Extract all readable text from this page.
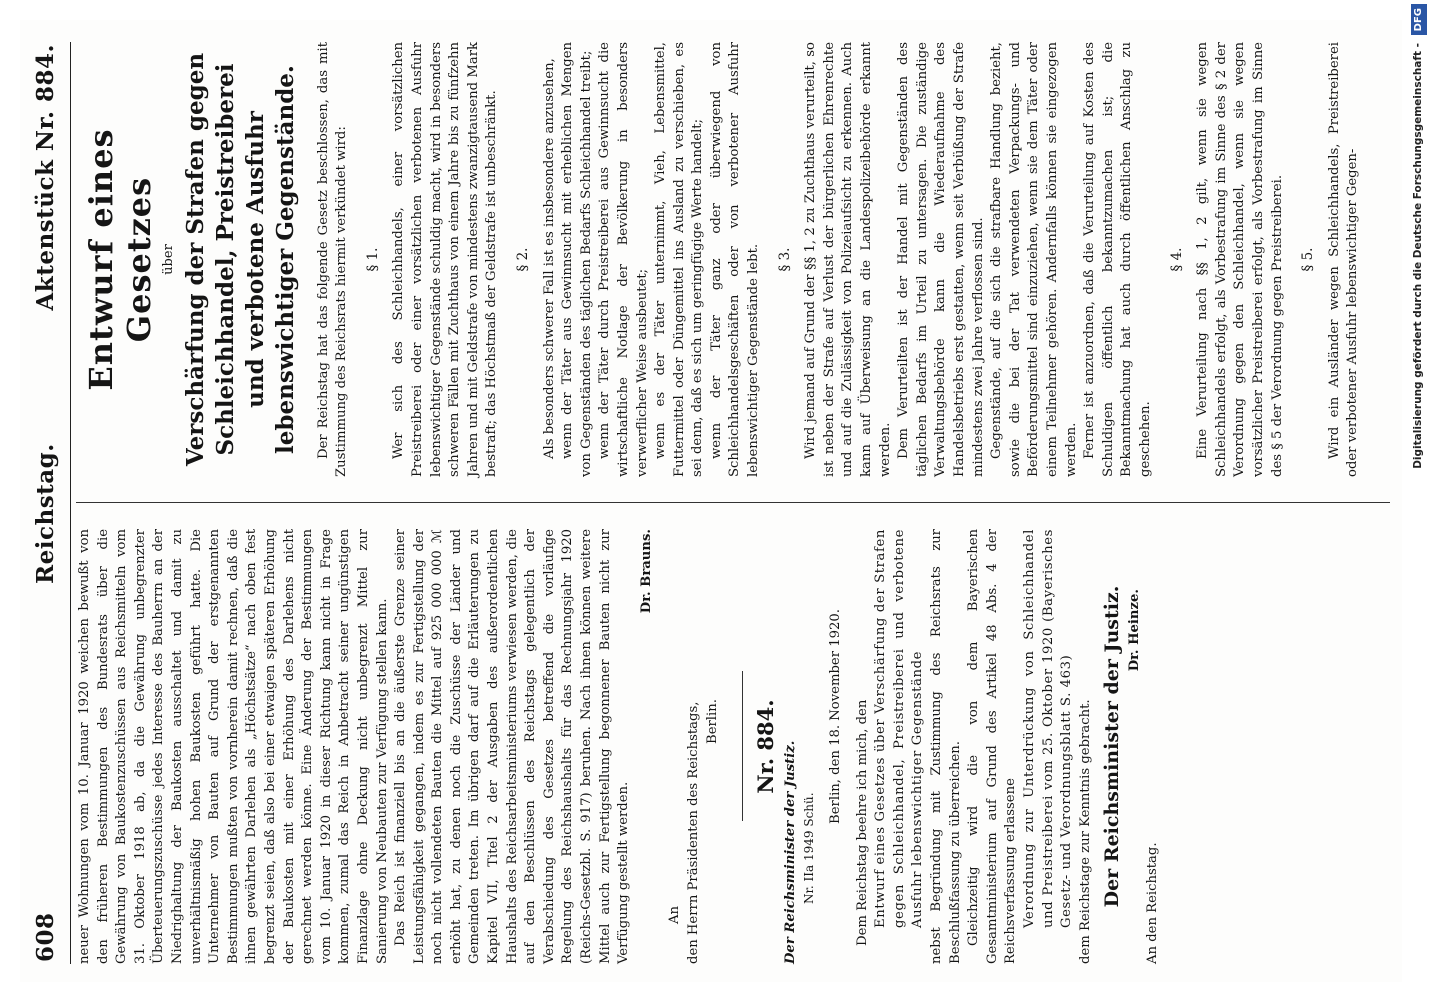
608
Reichstag.
Aktenstück Nr. 884.

neuer Wohnungen vom 10. Januar 1920 weichen bewußt von den früheren Bestimmungen des Bundesrats über die Gewährung von Baukostenzuschüssen aus Reichsmitteln vom 31. Oktober 1918 ab, da die Gewährung unbegrenzter Überteuerungszuschüsse jedes Interesse des Bauherrn an der Niedrighaltung der Baukosten ausschaltet und damit zu unverhältnismäßig hohen Baukosten geführt hatte. Die Unternehmer von Bauten auf Grund der erstgenannten Bestimmungen mußten von vornherein damit rechnen, daß die ihnen gewährten Darlehen als „Höchstsätze“ nach oben fest begrenzt seien, daß also bei einer etwaigen späteren Erhöhung der Baukosten mit einer Erhöhung des Darlehens nicht gerechnet werden könne. Eine Änderung der Bestimmungen vom 10. Januar 1920 in dieser Richtung kann nicht in Frage kommen, zumal das Reich in Anbetracht seiner ungünstigen Finanzlage ohne Deckung nicht unbegrenzt Mittel zur Sanierung von Neubauten zur Verfügung stellen kann. Das Reich ist finanziell bis an die äußerste Grenze seiner Leistungsfähigkeit gegangen, indem es zur Fertigstellung der noch nicht vollendeten Bauten die Mittel auf 925 000 000 ℳ erhöht hat, zu denen noch die Zuschüsse der Länder und Gemeinden treten. Im übrigen darf auf die Erläuterungen zu Kapitel VII, Titel 2 der Ausgaben des außerordentlichen Haushalts des Reichsarbeitsministeriums verwiesen werden, die auf den Beschlüssen des Reichstags gelegentlich der Verabschiedung des Gesetzes betreffend die vorläufige Regelung des Reichshaushalts für das Rechnungsjahr 1920 (Reichs-Gesetzbl. S. 917) beruhen. Nach ihnen können weitere Mittel auch zur Fertigstellung begonnener Bauten nicht zur Verfügung gestellt werden.

Dr. Brauns.

An den Herrn Präsidenten des Reichstags, Berlin. Nr. 884. Der Reichsminister der Justiz. Nr. IIa 1949 Schü.

Berlin, den 18. November 1920. Dem Reichstag beehre ich mich, den Entwurf eines Gesetzes über Verschärfung der Strafen gegen Schleichhandel, Preistreiberei und verbotene Ausfuhr lebenswichtiger Gegenstände nebst Begründung mit Zustimmung des Reichsrats zur Beschlußfassung zu überreichen. Gleichzeitig wird die von dem Bayerischen Gesamtministerium auf Grund des Artikel 48 Abs. 4 der Reichsverfassung erlassene Verordnung zur Unterdrückung von Schleichhandel und Preistreiberei vom 25. Oktober 1920 (Bayerisches Gesetz- und Verordnungsblatt S. 463) dem Reichstage zur Kenntnis gebracht. Der Reichsminister der Justiz. Dr. Heinze.

An den Reichstag.

Entwurf eines Gesetzes über Verschärfung der Strafen gegen Schleichhandel, Preistreiberei und verbotene Ausfuhr lebenswichtiger Gegenstände. Der Reichstag hat das folgende Gesetz beschlossen, das mit Zustimmung des Reichsrats hiermit verkündet wird: § 1. Wer sich des Schleichhandels, einer vorsätzlichen Preistreiberei oder einer vorsätzlichen verbotenen Ausfuhr lebenswichtiger Gegenstände schuldig macht, wird in besonders schweren Fällen mit Zuchthaus von einem Jahre bis zu fünfzehn Jahren und mit Geldstrafe von mindestens zwanzigtausend Mark bestraft; das Höchstmaß der Geldstrafe ist unbeschränkt. § 2. Als besonders schwerer Fall ist es insbesondere anzusehen, wenn der Täter aus Gewinnsucht mit erheblichen Mengen von Gegenständen des täglichen Bedarfs Schleichhandel treibt; wenn der Täter durch Preistreiberei aus Gewinnsucht die wirtschaftliche Notlage der Bevölkerung in besonders verwerflicher Weise ausbeutet; wenn es der Täter unternimmt, Vieh, Lebensmittel, Futtermittel oder Düngemittel ins Ausland zu verschieben, es sei denn, daß es sich um geringfügige Werte handelt; wenn der Täter ganz oder überwiegend von Schleichhandelsgeschäften oder von verbotener Ausfuhr lebenswichtiger Gegenstände lebt. § 3. Wird jemand auf Grund der §§ 1, 2 zu Zuchthaus verurteilt, so ist neben der Strafe auf Verlust der bürgerlichen Ehrenrechte und auf die Zulässigkeit von Polizeiaufsicht zu erkennen. Auch kann auf Überweisung an die Landespolizeibehörde erkannt werden. Dem Verurteilten ist der Handel mit Gegenständen des täglichen Bedarfs im Urteil zu untersagen. Die zuständige Verwaltungsbehörde kann die Wiederaufnahme des Handelsbetriebs erst gestatten, wenn seit Verbüßung der Strafe mindestens zwei Jahre verflossen sind. Gegenstände, auf die sich die strafbare Handlung bezieht, sowie die bei der Tat verwendeten Verpackungs- und Beförderungsmittel sind einzuziehen, wenn sie dem Täter oder einem Teilnehmer gehören. Andernfalls können sie eingezogen werden. Ferner ist anzuordnen, daß die Verurteilung auf Kosten des Schuldigen öffentlich bekanntzumachen ist; die Bekanntmachung hat auch durch öffentlichen Anschlag zu geschehen.

§ 4. Eine Verurteilung nach §§ 1, 2 gilt, wenn sie wegen Schleichhandels erfolgt, als Vorbestrafung im Sinne des § 2 der Verordnung gegen den Schleichhandel, wenn sie wegen vorsätzlicher Preistreiberei erfolgt, als Vorbestrafung im Sinne des § 5 der Verordnung gegen Preistreiberei. § 5. Wird ein Ausländer wegen Schleichhandels, Preistreiberei oder verbotener Ausfuhr lebenswichtiger Gegen-	Digitalisierung gefördert durch die Deutsche Forschungsgemeinschaft - DFG
